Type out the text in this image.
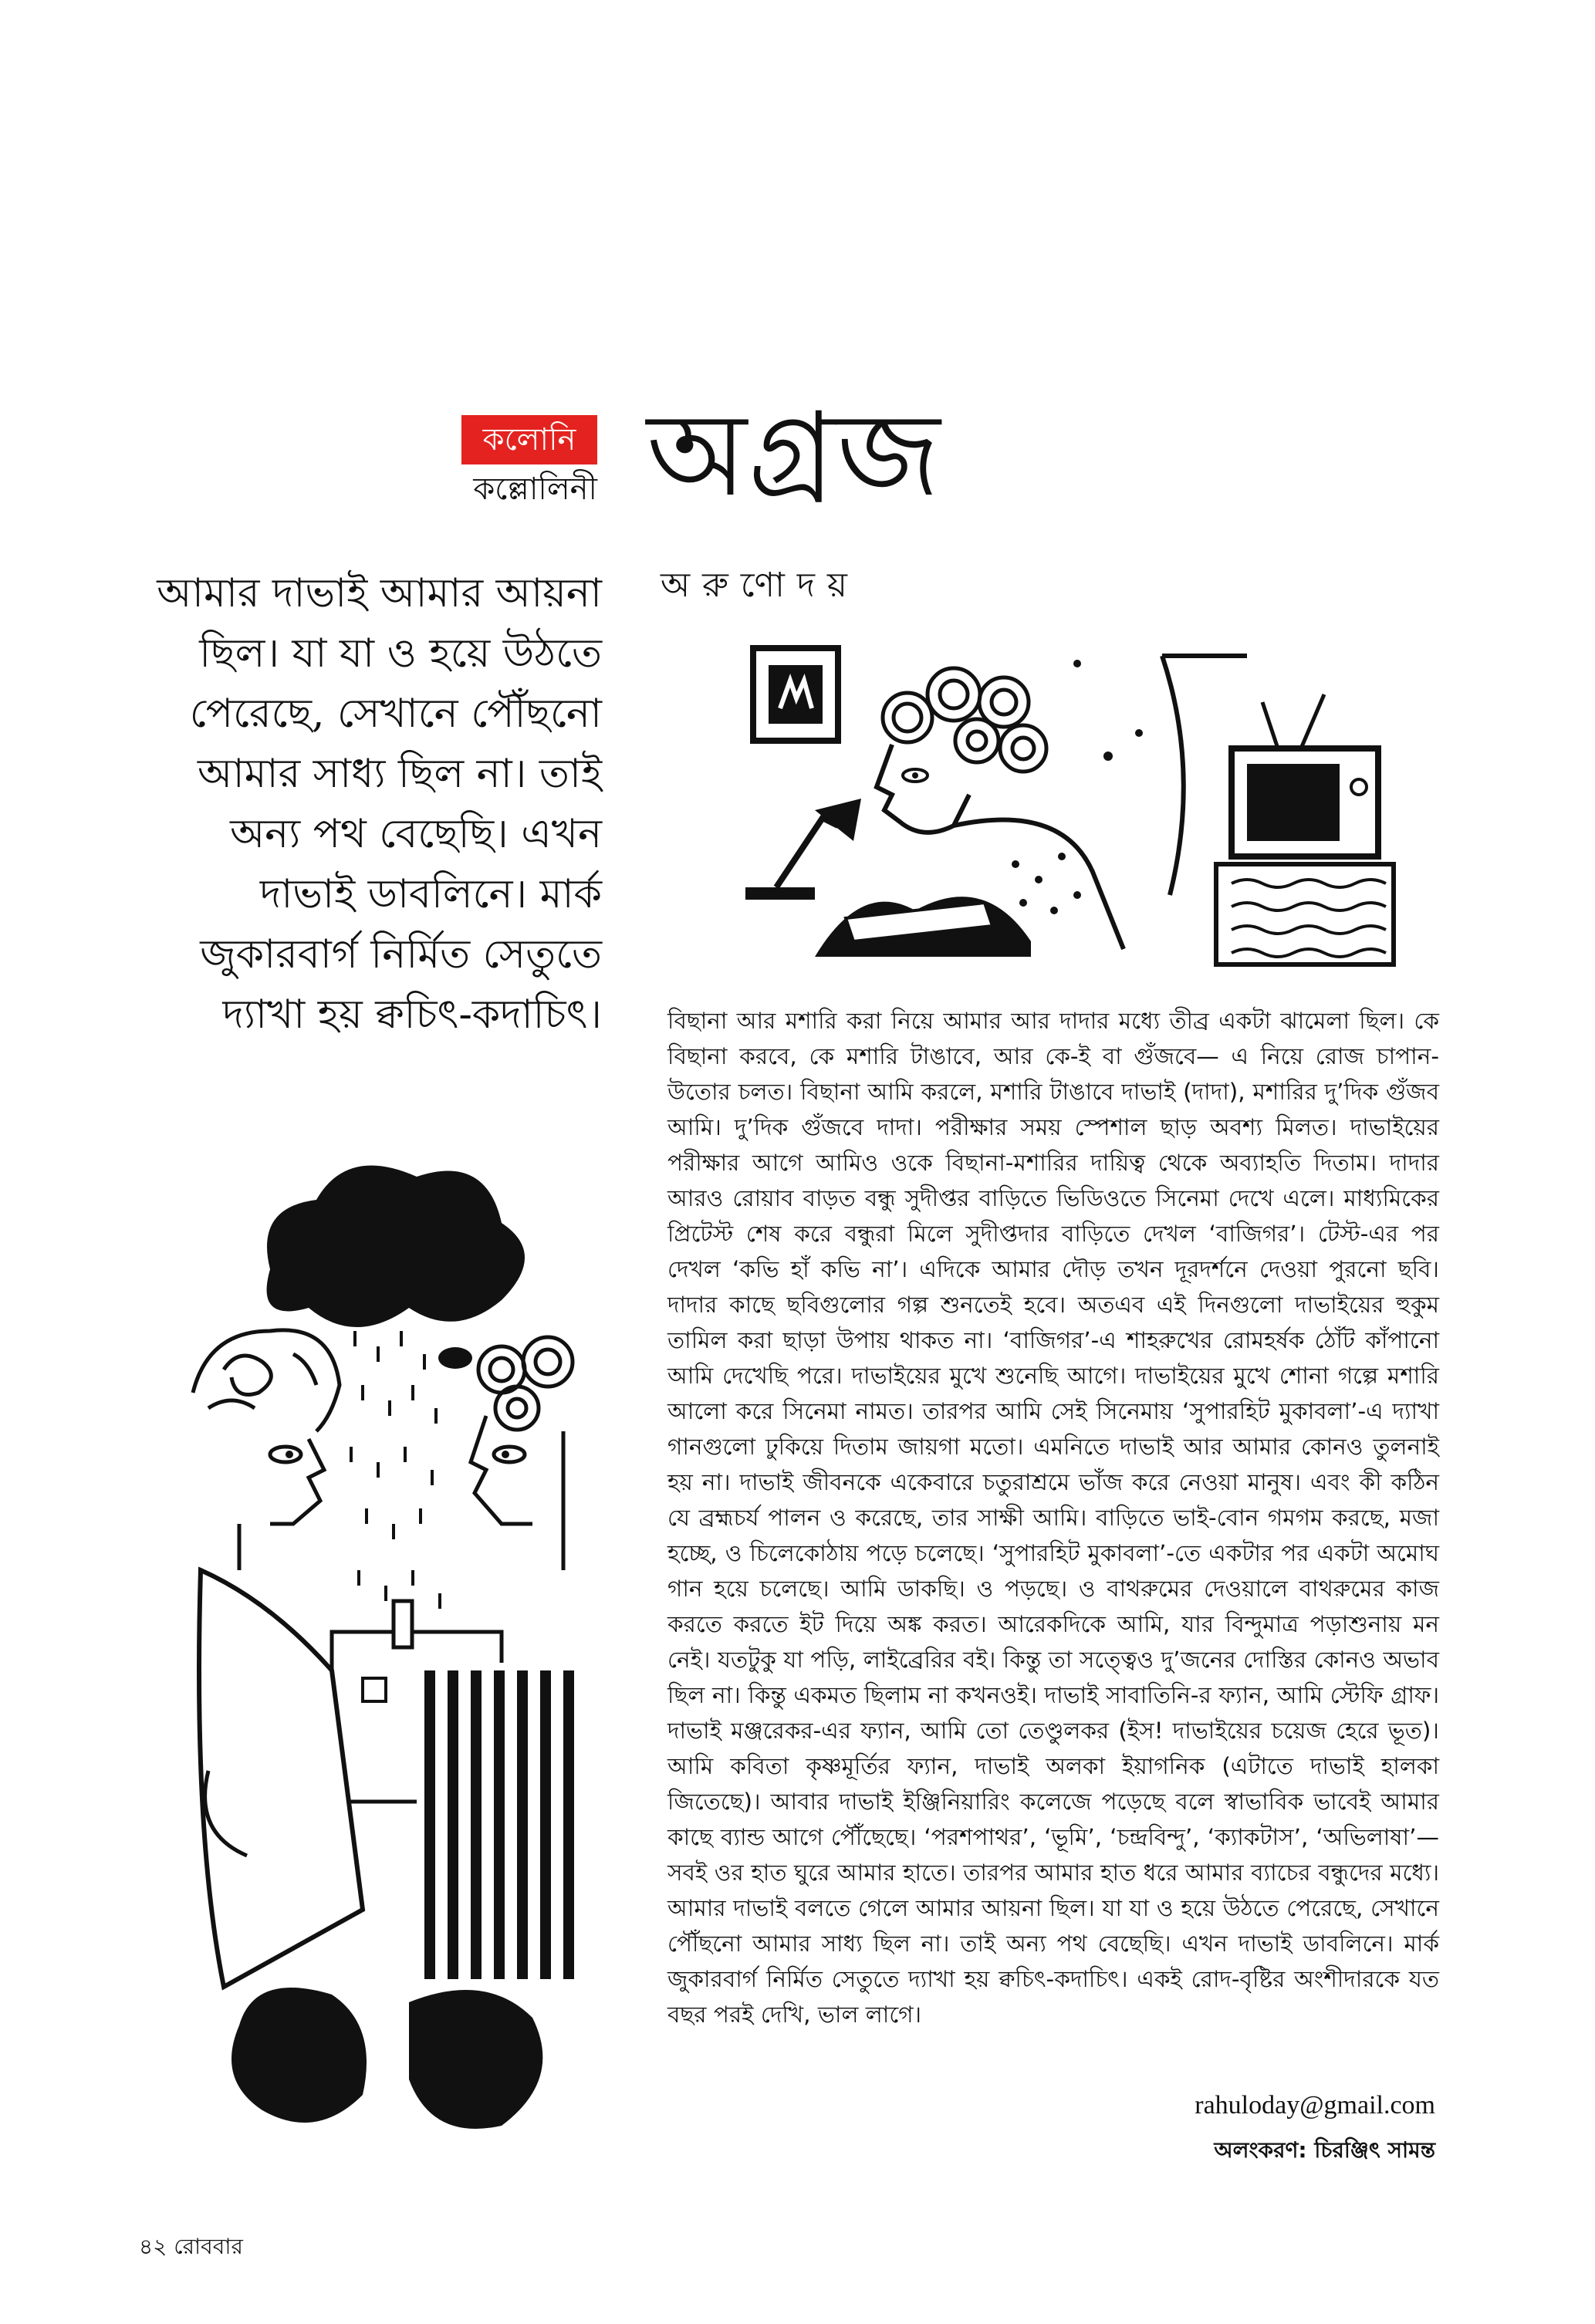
কলোনি
কল্লোলিনী অগ্রজ
অরুণোদয়
আমার দাভাই আমার আয়না ছিল। যা যা ও হয়ে উঠতে পেরেছে, সেখানে পৌঁছনো আমার সাধ্য ছিল না। তাই অন্য পথ বেছেছি। এখন দাভাই ডাবলিনে। মার্ক জুকারবার্গ নির্মিত সেতুতে দ্যাখা হয় ক্বচিৎ-কদাচিৎ।	বিছানা আর মশারি করা নিয়ে আমার আর দাদার মধ্যে তীব্র একটা ঝামেলা ছিল। কে বিছানা করবে, কে মশারি টাঙাবে, আর কে-ই বা গুঁজবে— এ নিয়ে রোজ চাপান-উতোর চলত। বিছানা আমি করলে, মশারি টাঙাবে দাভাই (দাদা), মশারির দু’দিক গুঁজব আমি। দু’দিক গুঁজবে দাদা। পরীক্ষার সময় স্পেশাল ছাড় অবশ্য মিলত। দাভাইয়ের পরীক্ষার আগে আমিও ওকে বিছানা-মশারির দায়িত্ব থেকে অব্যাহতি দিতাম। দাদার আরও রোয়াব বাড়ত বন্ধু সুদীপ্তর বাড়িতে ভিডিওতে সিনেমা দেখে এলে। মাধ্যমিকের প্রিটেস্ট শেষ করে বন্ধুরা মিলে সুদীপ্তদার বাড়িতে দেখল ‘বাজিগর’। টেস্ট-এর পর দেখল ‘কভি হাঁ কভি না’। এদিকে আমার দৌড় তখন দূরদর্শনে দেওয়া পুরনো ছবি। দাদার কাছে ছবিগুলোর গল্প শুনতেই হবে। অতএব এই দিনগুলো দাভাইয়ের হুকুম তামিল করা ছাড়া উপায় থাকত না। ‘বাজিগর’-এ শাহরুখের রোমহর্ষক ঠোঁট কাঁপানো আমি দেখেছি পরে। দাভাইয়ের মুখে শুনেছি আগে। দাভাইয়ের মুখে শোনা গল্পে মশারি আলো করে সিনেমা নামত। তারপর আমি সেই সিনেমায় ‘সুপারহিট মুকাবলা’-এ দ্যাখা গানগুলো ঢুকিয়ে দিতাম জায়গা মতো। এমনিতে দাভাই আর আমার কোনও তুলনাই হয় না। দাভাই জীবনকে একেবারে চতুরাশ্রমে ভাঁজ করে নেওয়া মানুষ। এবং কী কঠিন যে ব্রহ্মচর্য পালন ও করেছে, তার সাক্ষী আমি। বাড়িতে ভাই-বোন গমগম করছে, মজা হচ্ছে, ও চিলেকোঠায় পড়ে চলেছে। ‘সুপারহিট মুকাবলা’-তে একটার পর একটা অমোঘ গান হয়ে চলেছে। আমি ডাকছি। ও পড়ছে। ও বাথরুমের দেওয়ালে বাথরুমের কাজ করতে করতে ইট দিয়ে অঙ্ক করত। আরেকদিকে আমি, যার বিন্দুমাত্র পড়াশুনায় মন নেই। যতটুকু যা পড়ি, লাইব্রেরির বই। কিন্তু তা সত্ত্বেও দু’জনের দোস্তির কোনও অভাব ছিল না। কিন্তু একমত ছিলাম না কখনওই। দাভাই সাবাতিনি-র ফ্যান, আমি স্টেফি গ্রাফ। দাভাই মঞ্জরেকর-এর ফ্যান, আমি তো তেণ্ডুলকর (ইস! দাভাইয়ের চয়েজ হেরে ভূত)। আমি কবিতা কৃষ্ণমূর্তির ফ্যান, দাভাই অলকা ইয়াগনিক (এটাতে দাভাই হালকা জিতেছে)। আবার দাভাই ইঞ্জিনিয়ারিং কলেজে পড়েছে বলে স্বাভাবিক ভাবেই আমার কাছে ব্যান্ড আগে পৌঁছেছে। ‘পরশপাথর’, ‘ভূমি’, ‘চন্দ্রবিন্দু’, ‘ক্যাকটাস’, ‘অভিলাষা’— সবই ওর হাত ঘুরে আমার হাতে। তারপর আমার হাত ধরে আমার ব্যাচের বন্ধুদের মধ্যে। আমার দাভাই বলতে গেলে আমার আয়না ছিল। যা যা ও হয়ে উঠতে পেরেছে, সেখানে পৌঁছনো আমার সাধ্য ছিল না। তাই অন্য পথ বেছেছি। এখন দাভাই ডাবলিনে। মার্ক জুকারবার্গ নির্মিত সেতুতে দ্যাখা হয় ক্বচিৎ-কদাচিৎ। একই রোদ-বৃষ্টির অংশীদারকে যত বছর পরই দেখি, ভাল লাগে।
rahuloday@gmail.com
অলংকরণ: চিরঞ্জিৎ সামন্ত
৪২ রোববার
